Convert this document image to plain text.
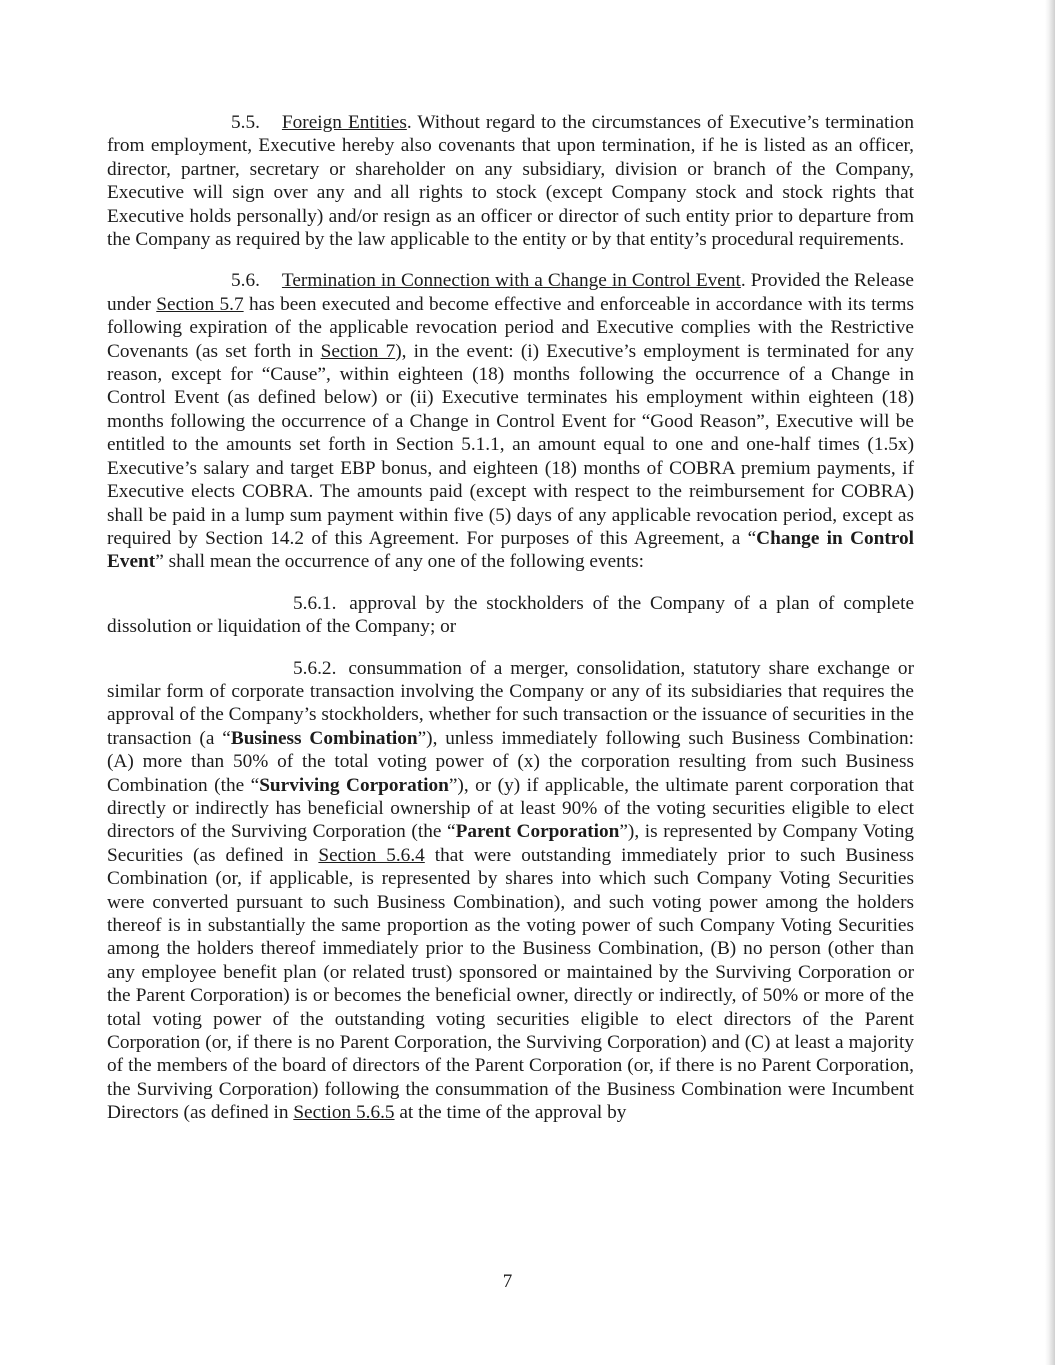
5.5. Foreign Entities. Without regard to the circumstances of Executive’s termination from employment, Executive hereby also covenants that upon termination, if he is listed as an officer, director, partner, secretary or shareholder on any subsidiary, division or branch of the Company, Executive will sign over any and all rights to stock (except Company stock and stock rights that Executive holds personally) and/or resign as an officer or director of such entity prior to departure from the Company as required by the law applicable to the entity or by that entity’s procedural requirements.

5.6. Termination in Connection with a Change in Control Event. Provided the Release under Section 5.7 has been executed and become effective and enforceable in accordance with its terms following expiration of the applicable revocation period and Executive complies with the Restrictive Covenants (as set forth in Section 7), in the event: (i) Executive’s employment is terminated for any reason, except for “Cause”, within eighteen (18) months following the occurrence of a Change in Control Event (as defined below) or (ii) Executive terminates his employment within eighteen (18) months following the occurrence of a Change in Control Event for “Good Reason”, Executive will be entitled to the amounts set forth in Section 5.1.1, an amount equal to one and one-half times (1.5x) Executive’s salary and target EBP bonus, and eighteen (18) months of COBRA premium payments, if Executive elects COBRA. The amounts paid (except with respect to the reimbursement for COBRA) shall be paid in a lump sum payment within five (5) days of any applicable revocation period, except as required by Section 14.2 of this Agreement. For purposes of this Agreement, a “Change in Control Event” shall mean the occurrence of any one of the following events:

5.6.1. approval by the stockholders of the Company of a plan of complete dissolution or liquidation of the Company; or

5.6.2. consummation of a merger, consolidation, statutory share exchange or similar form of corporate transaction involving the Company or any of its subsidiaries that requires the approval of the Company’s stockholders, whether for such transaction or the issuance of securities in the transaction (a “Business Combination”), unless immediately following such Business Combination: (A) more than 50% of the total voting power of (x) the corporation resulting from such Business Combination (the “Surviving Corporation”), or (y) if applicable, the ultimate parent corporation that directly or indirectly has beneficial ownership of at least 90% of the voting securities eligible to elect directors of the Surviving Corporation (the “Parent Corporation”), is represented by Company Voting Securities (as defined in Section 5.6.4 that were outstanding immediately prior to such Business Combination (or, if applicable, is represented by shares into which such Company Voting Securities were converted pursuant to such Business Combination), and such voting power among the holders thereof is in substantially the same proportion as the voting power of such Company Voting Securities among the holders thereof immediately prior to the Business Combination, (B) no person (other than any employee benefit plan (or related trust) sponsored or maintained by the Surviving Corporation or the Parent Corporation) is or becomes the beneficial owner, directly or indirectly, of 50% or more of the total voting power of the outstanding voting securities eligible to elect directors of the Parent Corporation (or, if there is no Parent Corporation, the Surviving Corporation) and (C) at least a majority of the members of the board of directors of the Parent Corporation (or, if there is no Parent Corporation, the Surviving Corporation) following the consummation of the Business Combination were Incumbent Directors (as defined in Section 5.6.5 at the time of the approval by

7
